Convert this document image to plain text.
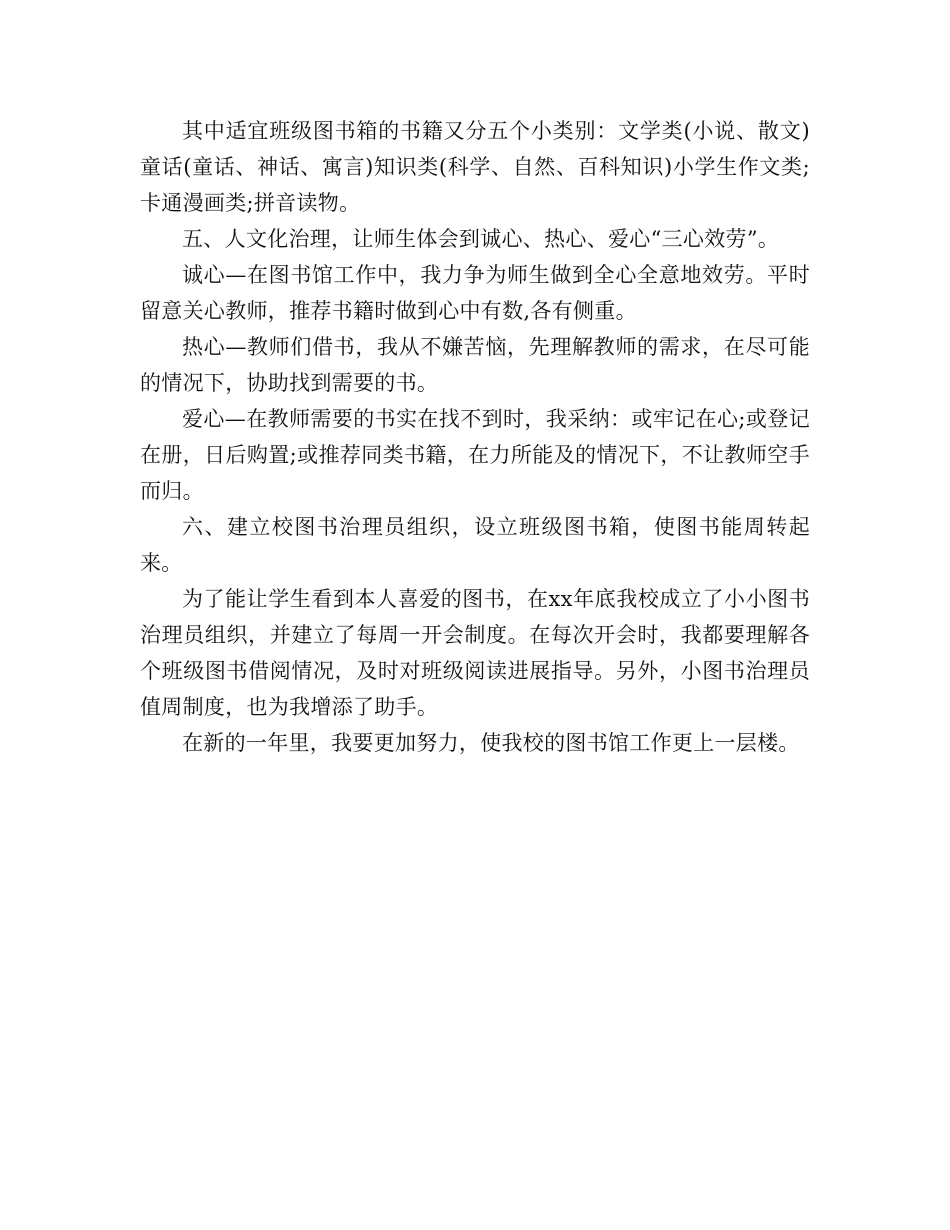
其中适宜班级图书箱的书籍又分五个小类别：文学类(小说、散文)童话(童话、神话、寓言)知识类(科学、自然、百科知识)小学生作文类;卡通漫画类;拼音读物。

五、人文化治理，让师生体会到诚心、热心、爱心“三心效劳”。

诚心—在图书馆工作中，我力争为师生做到全心全意地效劳。平时留意关心教师，推荐书籍时做到心中有数,各有侧重。

热心—教师们借书，我从不嫌苦恼，先理解教师的需求，在尽可能的情况下，协助找到需要的书。

爱心—在教师需要的书实在找不到时，我采纳：或牢记在心;或登记在册，日后购置;或推荐同类书籍，在力所能及的情况下，不让教师空手而归。

六、建立校图书治理员组织，设立班级图书箱，使图书能周转起来。

为了能让学生看到本人喜爱的图书，在xx年底我校成立了小小图书治理员组织，并建立了每周一开会制度。在每次开会时，我都要理解各个班级图书借阅情况，及时对班级阅读进展指导。另外，小图书治理员值周制度，也为我增添了助手。

在新的一年里，我要更加努力，使我校的图书馆工作更上一层楼。
